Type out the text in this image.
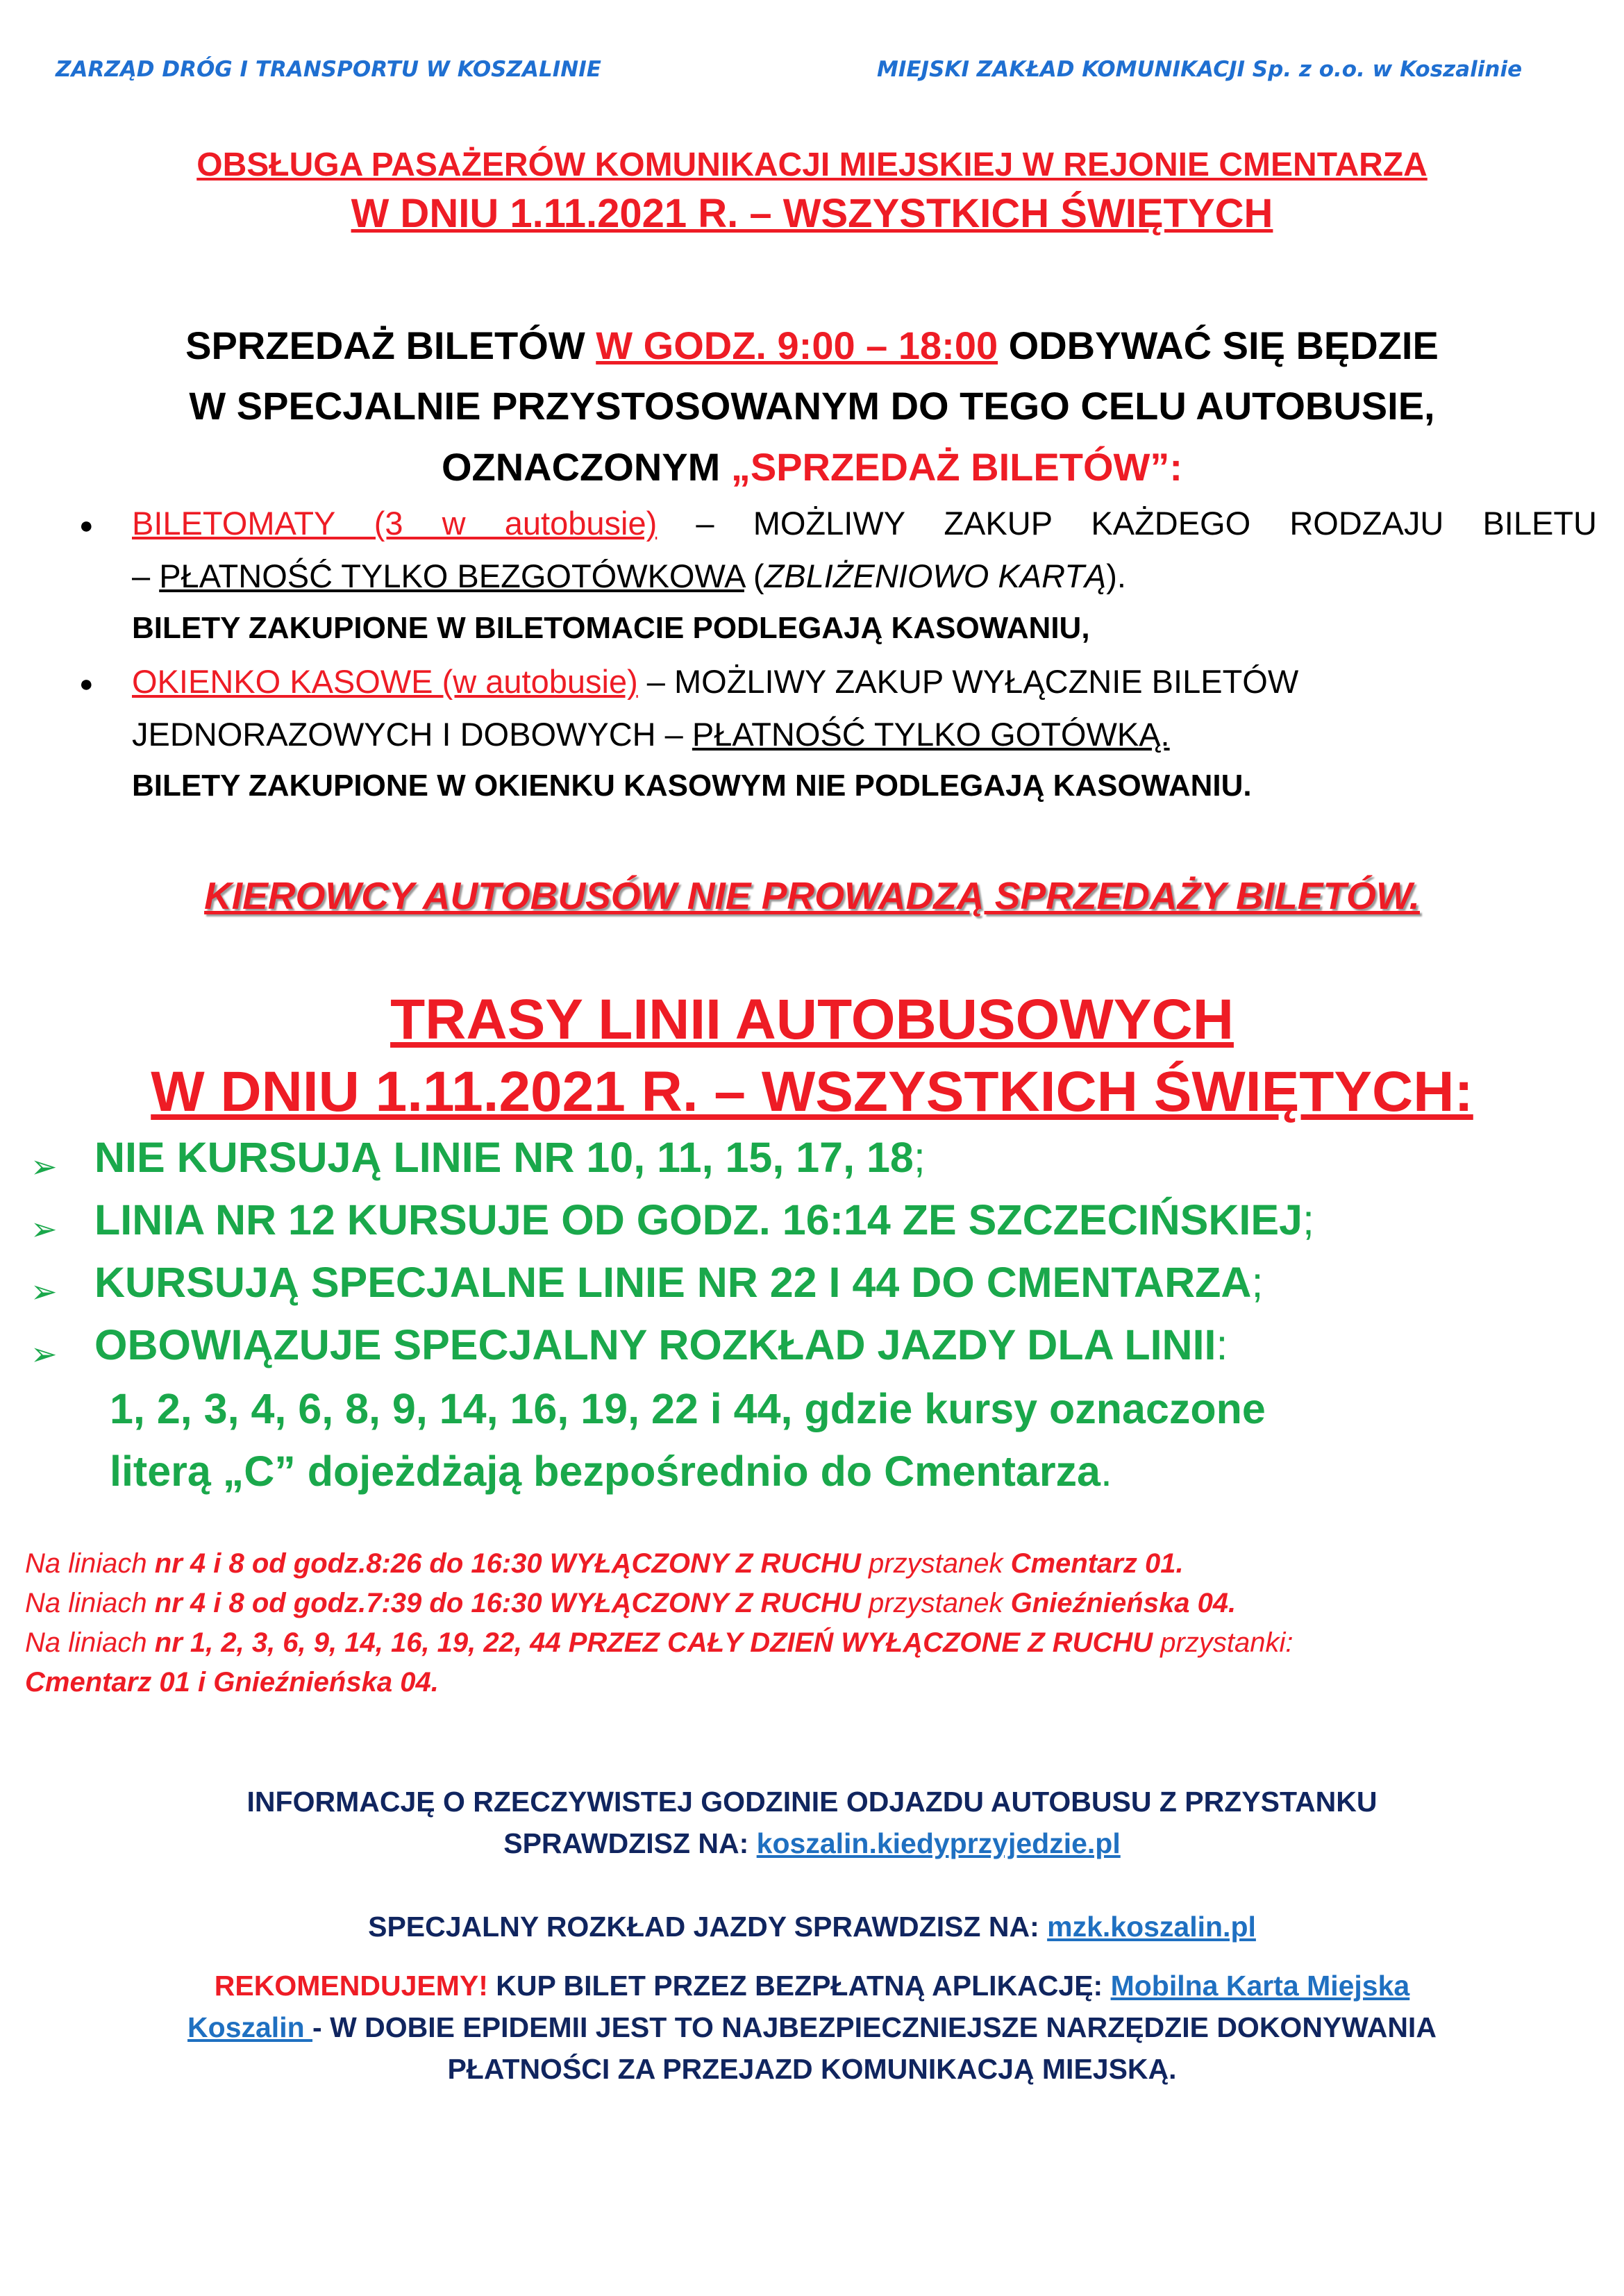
ZARZĄD DRÓG I TRANSPORTU W KOSZALINIE	MIEJSKI ZAKŁAD KOMUNIKACJI Sp. z o.o. w Koszalinie
OBSŁUGA PASAŻERÓW KOMUNIKACJI MIEJSKIEJ W REJONIE CMENTARZA
W DNIU 1.11.2021 R. – WSZYSTKICH ŚWIĘTYCH
SPRZEDAŻ BILETÓW W GODZ. 9:00 – 18:00 ODBYWAĆ SIĘ BĘDZIE
W SPECJALNIE PRZYSTOSOWANYM DO TEGO CELU AUTOBUSIE,
OZNACZONYM „SPRZEDAŻ BILETÓW”:
● BILETOMATY (3 w autobusie) – MOŻLIWY ZAKUP KAŻDEGO RODZAJU BILETU
– PŁATNOŚĆ TYLKO BEZGOTÓWKOWA (ZBLIŻENIOWO KARTĄ).
BILETY ZAKUPIONE W BILETOMACIE PODLEGAJĄ KASOWANIU,
● OKIENKO KASOWE (w autobusie) – MOŻLIWY ZAKUP WYŁĄCZNIE BILETÓW
JEDNORAZOWYCH I DOBOWYCH – PŁATNOŚĆ TYLKO GOTÓWKĄ.
BILETY ZAKUPIONE W OKIENKU KASOWYM NIE PODLEGAJĄ KASOWANIU.
KIEROWCY AUTOBUSÓW NIE PROWADZĄ SPRZEDAŻY BILETÓW.
TRASY LINII AUTOBUSOWYCH
W DNIU 1.11.2021 R. – WSZYSTKICH ŚWIĘTYCH:
➢ NIE KURSUJĄ LINIE NR 10, 11, 15, 17, 18;
➢ LINIA NR 12 KURSUJE OD GODZ. 16:14 ZE SZCZECIŃSKIEJ;
➢ KURSUJĄ SPECJALNE LINIE NR 22 I 44 DO CMENTARZA;
➢ OBOWIĄZUJE SPECJALNY ROZKŁAD JAZDY DLA LINII:
1, 2, 3, 4, 6, 8, 9, 14, 16, 19, 22 i 44, gdzie kursy oznaczone
literą „C” dojeżdżają bezpośrednio do Cmentarza.
Na liniach nr 4 i 8 od godz.8:26 do 16:30 WYŁĄCZONY Z RUCHU przystanek Cmentarz 01.
Na liniach nr 4 i 8 od godz.7:39 do 16:30 WYŁĄCZONY Z RUCHU przystanek Gnieźnieńska 04.
Na liniach nr 1, 2, 3, 6, 9, 14, 16, 19, 22, 44 PRZEZ CAŁY DZIEŃ WYŁĄCZONE Z RUCHU przystanki:
Cmentarz 01 i Gnieźnieńska 04.
INFORMACJĘ O RZECZYWISTEJ GODZINIE ODJAZDU AUTOBUSU Z PRZYSTANKU
SPRAWDZISZ NA: koszalin.kiedyprzyjedzie.pl
SPECJALNY ROZKŁAD JAZDY SPRAWDZISZ NA: mzk.koszalin.pl
REKOMENDUJEMY! KUP BILET PRZEZ BEZPŁATNĄ APLIKACJĘ: Mobilna Karta Miejska
Koszalin - W DOBIE EPIDEMII JEST TO NAJBEZPIECZNIEJSZE NARZĘDZIE DOKONYWANIA
PŁATNOŚCI ZA PRZEJAZD KOMUNIKACJĄ MIEJSKĄ.
